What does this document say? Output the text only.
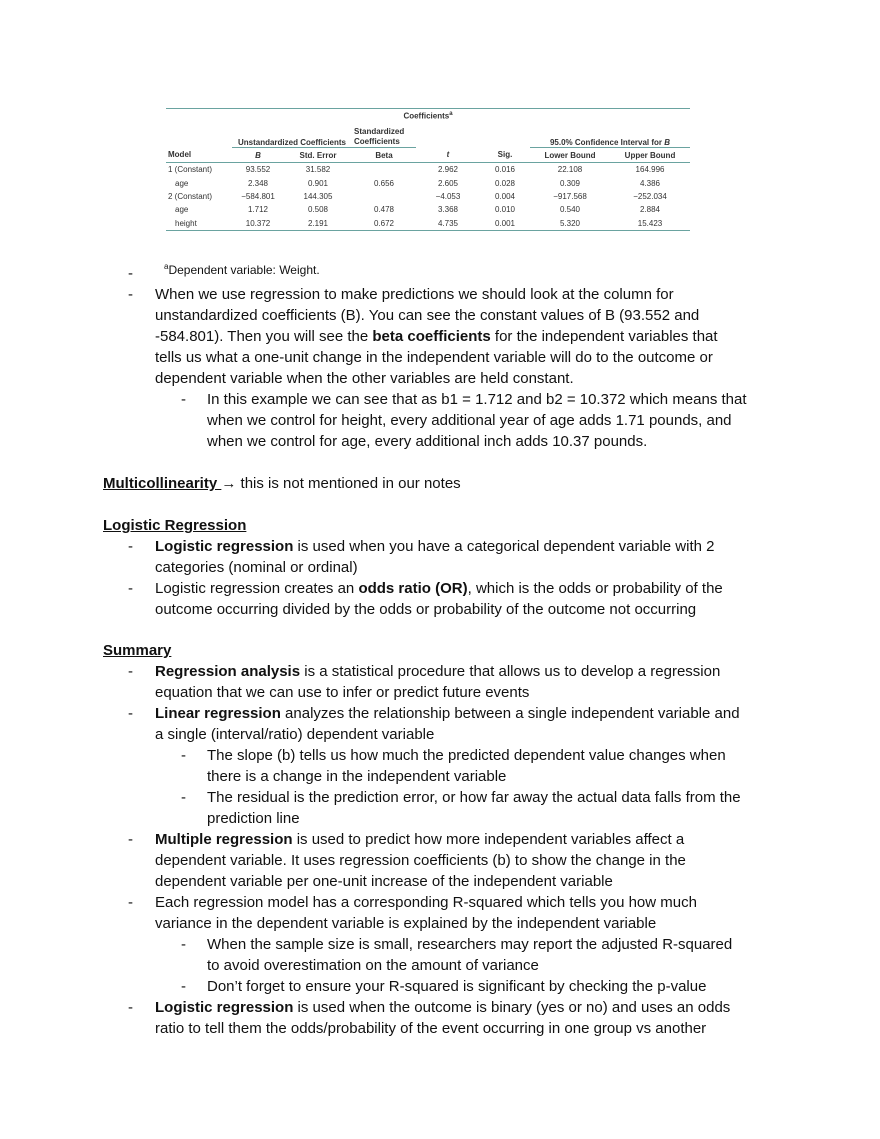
Coefficients$^a$
	Unstandardized Coefficients		Standardized Coefficients			95.0% Confidence Interval for B	
Model	B	Std. Error	Beta	t	Sig.	Lower Bound	Upper Bound
1 (Constant)	93.552	31.582		2.962	0.016	22.108	164.996
age	2.348	0.901	0.656	2.605	0.028	0.309	4.386
2 (Constant)	−584.801	144.305		−4.053	0.004	−917.568	−252.034
age	1.712	0.508	0.478	3.368	0.010	0.540	2.884
height	10.372	2.191	0.672	4.735	0.001	5.320	15.423
-	$^a$Dependent variable: Weight.
- When we use regression to make predictions we should look at the column for
unstandardized coefficients (B). You can see the constant values of B (93.552 and
-584.801). Then you will see the beta coefficients for the independent variables that
tells us what a one-unit change in the independent variable will do to the outcome or
dependent variable when the other variables are held constant.
- In this example we can see that as b1 = 1.712 and b2 = 10.372 which means that
when we control for height, every additional year of age adds 1.71 pounds, and
when we control for age, every additional inch adds 10.37 pounds.
Multicollinearity → this is not mentioned in our notes
Logistic Regression
- Logistic regression is used when you have a categorical dependent variable with 2
categories (nominal or ordinal)
- Logistic regression creates an odds ratio (OR), which is the odds or probability of the
outcome occurring divided by the odds or probability of the outcome not occurring
Summary
- Regression analysis is a statistical procedure that allows us to develop a regression
equation that we can use to infer or predict future events
- Linear regression analyzes the relationship between a single independent variable and
a single (interval/ratio) dependent variable
- The slope (b) tells us how much the predicted dependent value changes when
there is a change in the independent variable
- The residual is the prediction error, or how far away the actual data falls from the
prediction line
- Multiple regression is used to predict how more independent variables affect a
dependent variable. It uses regression coefficients (b) to show the change in the
dependent variable per one-unit increase of the independent variable
- Each regression model has a corresponding R-squared which tells you how much
variance in the dependent variable is explained by the independent variable
- When the sample size is small, researchers may report the adjusted R-squared
to avoid overestimation on the amount of variance
- Don’t forget to ensure your R-squared is significant by checking the p-value
- Logistic regression is used when the outcome is binary (yes or no) and uses an odds
ratio to tell them the odds/probability of the event occurring in one group vs another
